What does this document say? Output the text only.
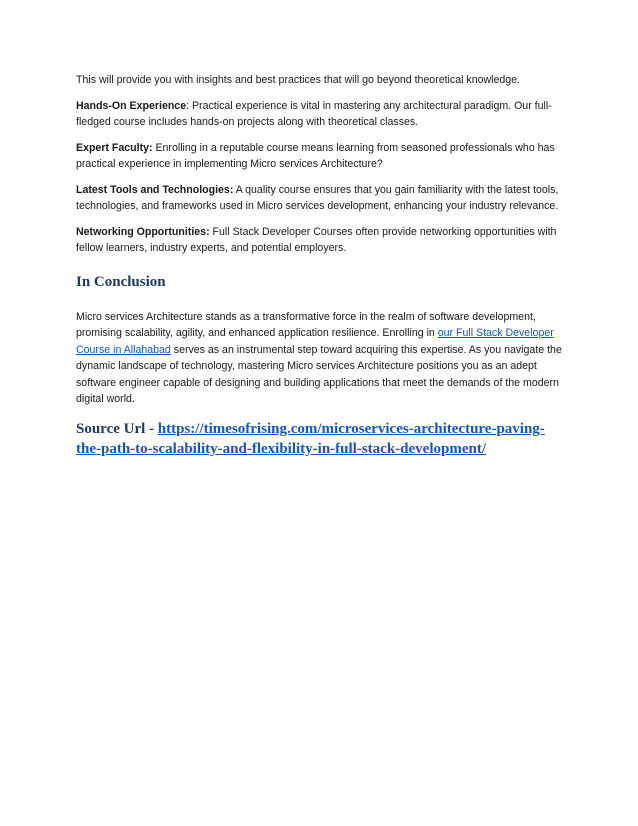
This will provide you with insights and best practices that will go beyond theoretical knowledge.

Hands-On Experience: Practical experience is vital in mastering any architectural paradigm. Our full-fledged course includes hands-on projects along with theoretical classes.

Expert Faculty: Enrolling in a reputable course means learning from seasoned professionals who has practical experience in implementing Micro services Architecture?

Latest Tools and Technologies: A quality course ensures that you gain familiarity with the latest tools, technologies, and frameworks used in Micro services development, enhancing your industry relevance.

Networking Opportunities: Full Stack Developer Courses often provide networking opportunities with fellow learners, industry experts, and potential employers.

In Conclusion

Micro services Architecture stands as a transformative force in the realm of software development, promising scalability, agility, and enhanced application resilience. Enrolling in our Full Stack Developer Course in Allahabad serves as an instrumental step toward acquiring this expertise. As you navigate the dynamic landscape of technology, mastering Micro services Architecture positions you as an adept software engineer capable of designing and building applications that meet the demands of the modern digital world.

Source Url - https://timesofrising.com/microservices-architecture-paving-the-path-to-scalability-and-flexibility-in-full-stack-development/
